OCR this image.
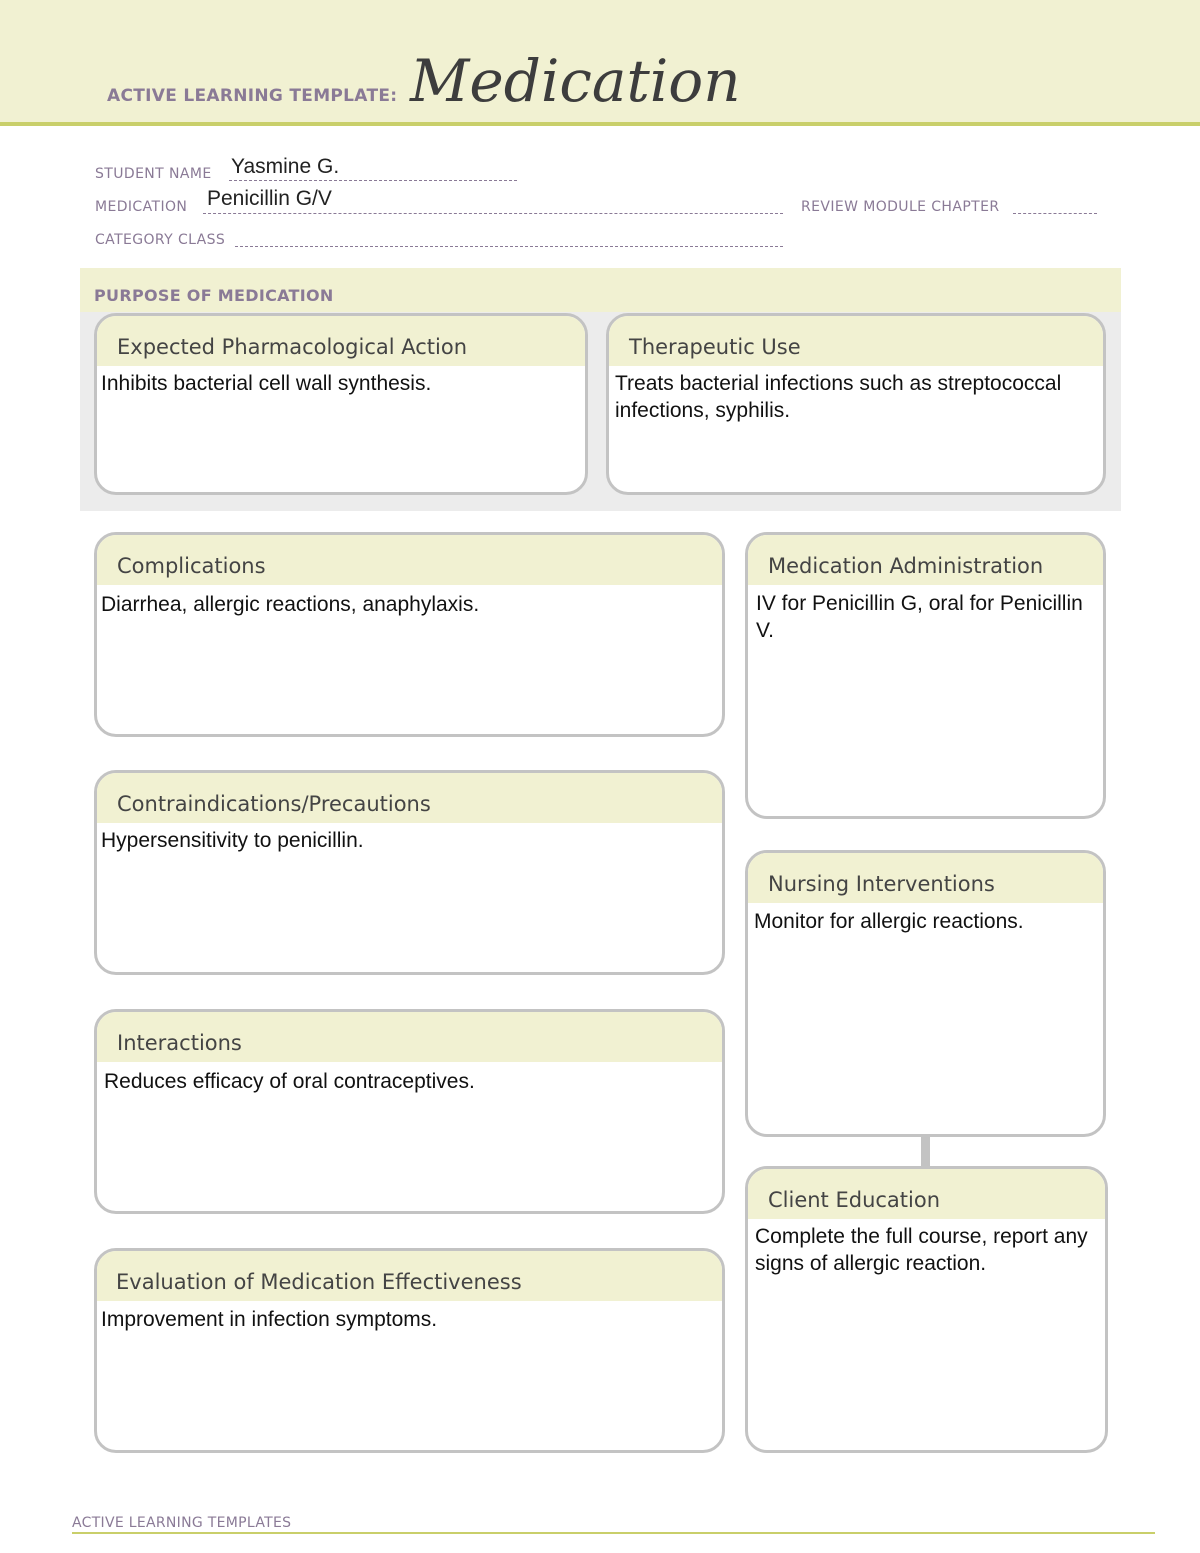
ACTIVE LEARNING TEMPLATE: Medication
STUDENT NAME Yasmine G.
MEDICATION Penicillin G/V	REVIEW MODULE CHAPTER
CATEGORY CLASS
PURPOSE OF MEDICATION
Expected Pharmacological Action
Inhibits bacterial cell wall synthesis.
Therapeutic Use
Treats bacterial infections such as streptococcal infections, syphilis.
Complications
Diarrhea, allergic reactions, anaphylaxis.
Contraindications/Precautions
Hypersensitivity to penicillin.
Interactions
Reduces efficacy of oral contraceptives.
Evaluation of Medication Effectiveness
Improvement in infection symptoms.
Medication Administration
IV for Penicillin G, oral for Penicillin V.
Nursing Interventions
Monitor for allergic reactions.
Client Education
Complete the full course, report any signs of allergic reaction.
ACTIVE LEARNING TEMPLATES
